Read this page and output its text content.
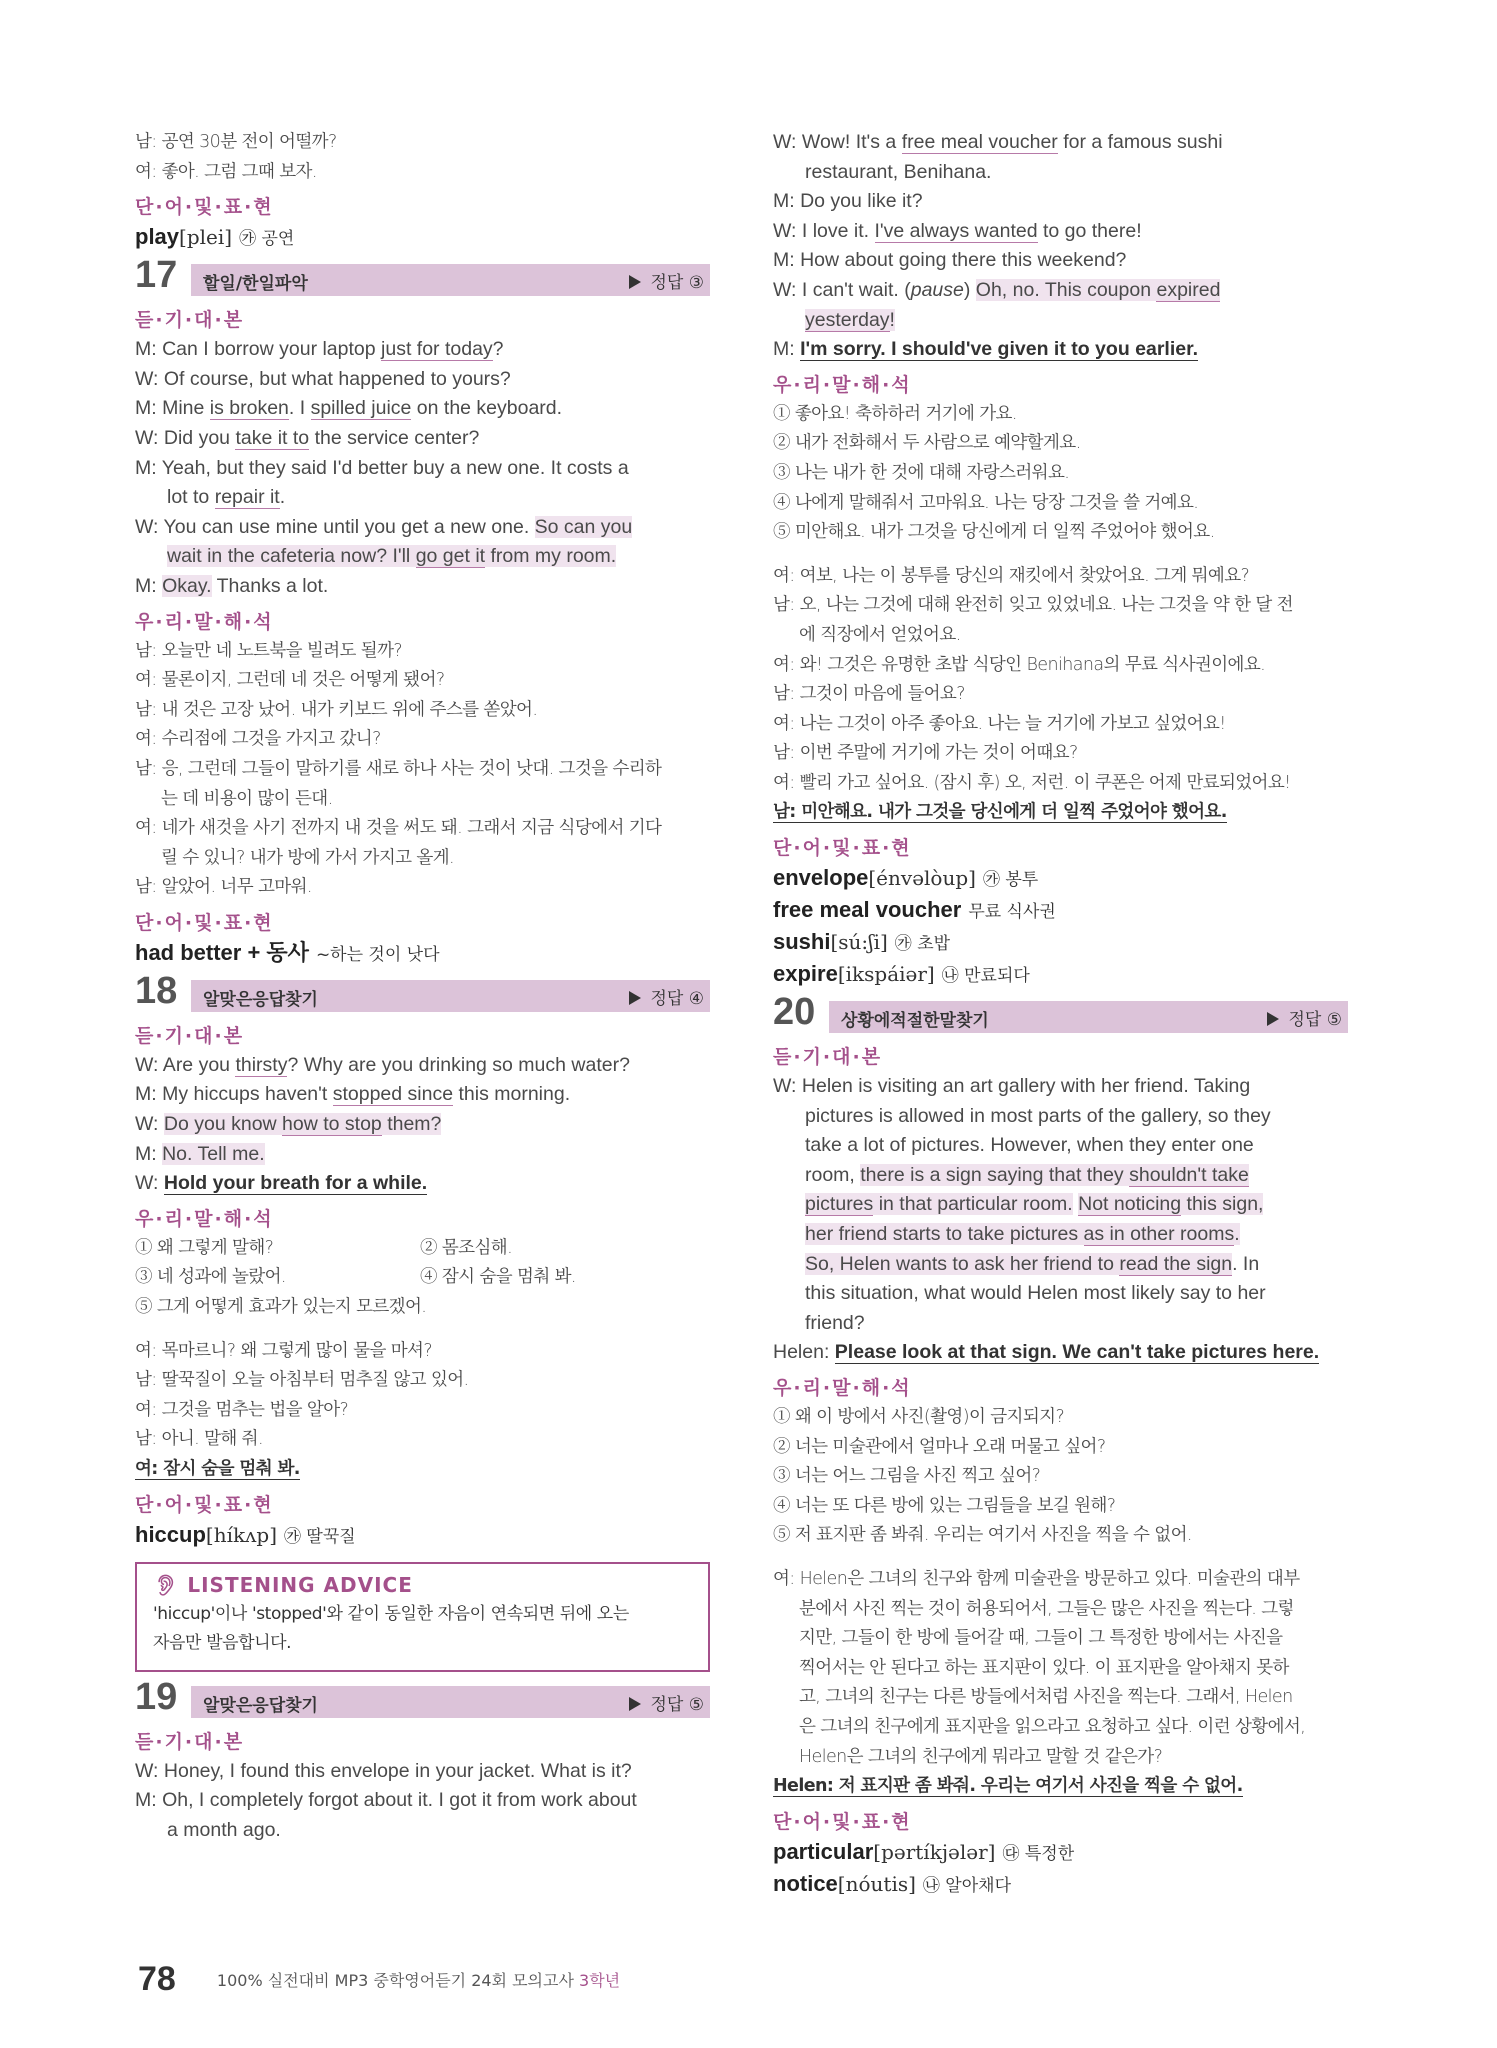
남: 공연 30분 전이 어떨까?
여: 좋아. 그럼 그때 보자.
단·어·및·표·현
play[plei] ㉮ 공연
17 할일/한일파악	정답 ③
듣·기·대·본
M: Can I borrow your laptop just for today?
W: Of course, but what happened to yours?
M: Mine is broken. I spilled juice on the keyboard.
W: Did you take it to the service center?
M: Yeah, but they said I'd better buy a new one. It costs a
lot to repair it.
W: You can use mine until you get a new one. So can you
wait in the cafeteria now? I'll go get it from my room.
M: Okay. Thanks a lot.
우·리·말·해·석
남: 오늘만 네 노트북을 빌려도 될까?
여: 물론이지, 그런데 네 것은 어떻게 됐어?
남: 내 것은 고장 났어. 내가 키보드 위에 주스를 쏟았어.
여: 수리점에 그것을 가지고 갔니?
남: 응, 그런데 그들이 말하기를 새로 하나 사는 것이 낫대. 그것을 수리하
는 데 비용이 많이 든대.
여: 네가 새것을 사기 전까지 내 것을 써도 돼. 그래서 지금 식당에서 기다
릴 수 있니? 내가 방에 가서 가지고 올게.
남: 알았어. 너무 고마워.
단·어·및·표·현
had better + 동사 ~하는 것이 낫다
18 알맞은응답찾기	정답 ④
듣·기·대·본
W: Are you thirsty? Why are you drinking so much water?
M: My hiccups haven't stopped since this morning.
W: Do you know how to stop them?
M: No. Tell me.
W: Hold your breath for a while.
우·리·말·해·석
① 왜 그렇게 말해?	② 몸조심해.
③ 네 성과에 놀랐어.	④ 잠시 숨을 멈춰 봐.
⑤ 그게 어떻게 효과가 있는지 모르겠어.
여: 목마르니? 왜 그렇게 많이 물을 마셔?
남: 딸꾹질이 오늘 아침부터 멈추질 않고 있어.
여: 그것을 멈추는 법을 알아?
남: 아니. 말해 줘.
여: 잠시 숨을 멈춰 봐.
단·어·및·표·현
hiccup[híkʌp] ㉮ 딸꾹질
👂︎ LISTENING ADVICE
'hiccup'이나 'stopped'와 같이 동일한 자음이 연속되면 뒤에 오는
자음만 발음합니다.
19 알맞은응답찾기	정답 ⑤
듣·기·대·본
W: Honey, I found this envelope in your jacket. What is it?
M: Oh, I completely forgot about it. I got it from work about
a month ago.
W: Wow! It's a free meal voucher for a famous sushi
restaurant, Benihana.
M: Do you like it?
W: I love it. I've always wanted to go there!
M: How about going there this weekend?
W: I can't wait. (pause) Oh, no. This coupon expired
yesterday!
M: I'm sorry. I should've given it to you earlier.
우·리·말·해·석
① 좋아요! 축하하러 거기에 가요.
② 내가 전화해서 두 사람으로 예약할게요.
③ 나는 내가 한 것에 대해 자랑스러워요.
④ 나에게 말해줘서 고마워요. 나는 당장 그것을 쓸 거예요.
⑤ 미안해요. 내가 그것을 당신에게 더 일찍 주었어야 했어요.
여: 여보, 나는 이 봉투를 당신의 재킷에서 찾았어요. 그게 뭐예요?
남: 오, 나는 그것에 대해 완전히 잊고 있었네요. 나는 그것을 약 한 달 전
에 직장에서 얻었어요.
여: 와! 그것은 유명한 초밥 식당인 Benihana의 무료 식사권이에요.
남: 그것이 마음에 들어요?
여: 나는 그것이 아주 좋아요. 나는 늘 거기에 가보고 싶었어요!
남: 이번 주말에 거기에 가는 것이 어때요?
여: 빨리 가고 싶어요. (잠시 후) 오, 저런. 이 쿠폰은 어제 만료되었어요!
남: 미안해요. 내가 그것을 당신에게 더 일찍 주었어야 했어요.
단·어·및·표·현
envelope[énvəlòup] ㉮ 봉투
free meal voucher 무료 식사권
sushi[sú:ʃi] ㉮ 초밥
expire[ikspáiər] ㉯ 만료되다
20 상황에적절한말찾기	정답 ⑤
듣·기·대·본
W: Helen is visiting an art gallery with her friend. Taking
pictures is allowed in most parts of the gallery, so they
take a lot of pictures. However, when they enter one
room, there is a sign saying that they shouldn't take
pictures in that particular room. Not noticing this sign,
her friend starts to take pictures as in other rooms.
So, Helen wants to ask her friend to read the sign. In
this situation, what would Helen most likely say to her
friend?
Helen: Please look at that sign. We can't take pictures here.
우·리·말·해·석
① 왜 이 방에서 사진(촬영)이 금지되지?
② 너는 미술관에서 얼마나 오래 머물고 싶어?
③ 너는 어느 그림을 사진 찍고 싶어?
④ 너는 또 다른 방에 있는 그림들을 보길 원해?
⑤ 저 표지판 좀 봐줘. 우리는 여기서 사진을 찍을 수 없어.
여: Helen은 그녀의 친구와 함께 미술관을 방문하고 있다. 미술관의 대부
분에서 사진 찍는 것이 허용되어서, 그들은 많은 사진을 찍는다. 그렇
지만, 그들이 한 방에 들어갈 때, 그들이 그 특정한 방에서는 사진을
찍어서는 안 된다고 하는 표지판이 있다. 이 표지판을 알아채지 못하
고, 그녀의 친구는 다른 방들에서처럼 사진을 찍는다. 그래서, Helen
은 그녀의 친구에게 표지판을 읽으라고 요청하고 싶다. 이런 상황에서,
Helen은 그녀의 친구에게 뭐라고 말할 것 같은가?
Helen: 저 표지판 좀 봐줘. 우리는 여기서 사진을 찍을 수 없어.
단·어·및·표·현
particular[pərtíkjələr] ㉰ 특정한
notice[nóutis] ㉯ 알아채다
78	100% 실전대비 MP3 중학영어듣기 24회 모의고사 3학년
